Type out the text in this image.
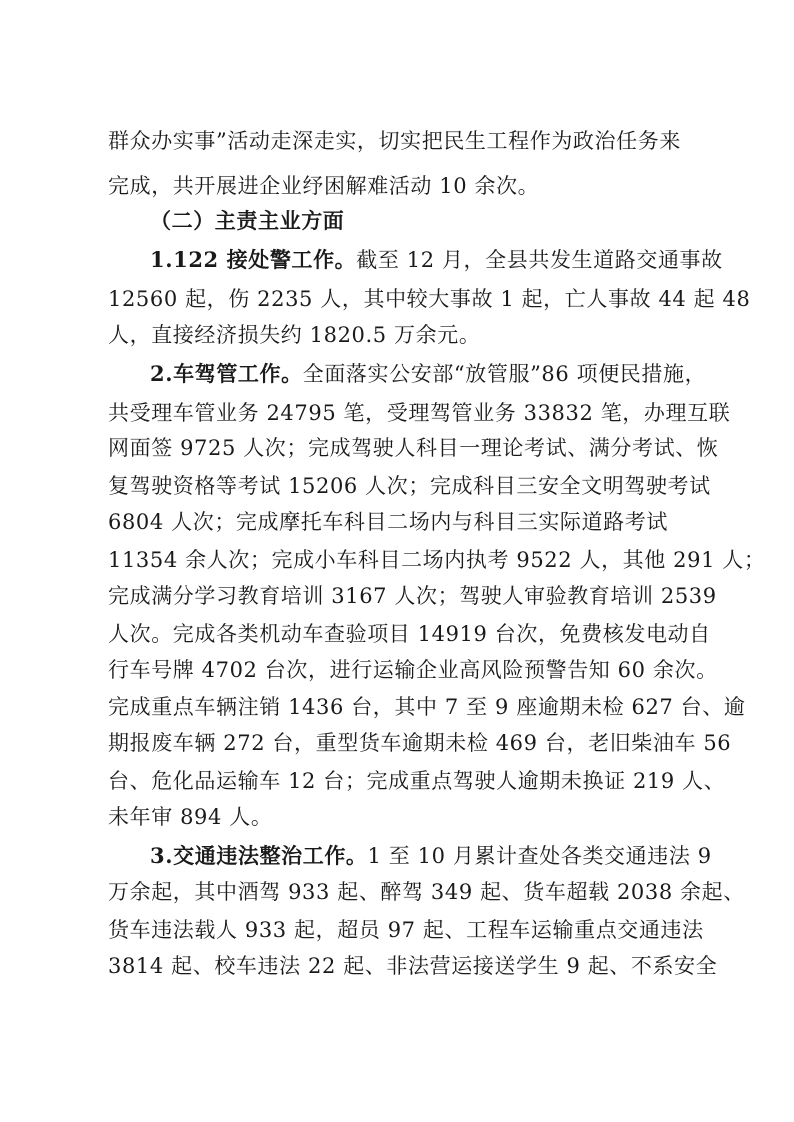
群众办实事”活动走深走实，切实把民生工程作为政治任务来
完成，共开展进企业纾困解难活动 10 余次。
（二）主责主业方面
1.122 接处警工作。截至 12 月，全县共发生道路交通事故
12560 起，伤 2235 人，其中较大事故 1 起，亡人事故 44 起 48
人，直接经济损失约 1820.5 万余元。
2.车驾管工作。全面落实公安部“放管服”86 项便民措施，
共受理车管业务 24795 笔，受理驾管业务 33832 笔，办理互联
网面签 9725 人次；完成驾驶人科目一理论考试、满分考试、恢
复驾驶资格等考试 15206 人次；完成科目三安全文明驾驶考试
6804 人次；完成摩托车科目二场内与科目三实际道路考试
11354 余人次；完成小车科目二场内执考 9522 人，其他 291 人；
完成满分学习教育培训 3167 人次；驾驶人审验教育培训 2539
人次。完成各类机动车查验项目 14919 台次，免费核发电动自
行车号牌 4702 台次，进行运输企业高风险预警告知 60 余次。
完成重点车辆注销 1436 台，其中 7 至 9 座逾期未检 627 台、逾
期报废车辆 272 台，重型货车逾期未检 469 台，老旧柴油车 56
台、危化品运输车 12 台；完成重点驾驶人逾期未换证 219 人、
未年审 894 人。
3.交通违法整治工作。1 至 10 月累计查处各类交通违法 9
万余起，其中酒驾 933 起、醉驾 349 起、货车超载 2038 余起、
货车违法载人 933 起，超员 97 起、工程车运输重点交通违法
3814 起、校车违法 22 起、非法营运接送学生 9 起、不系安全
